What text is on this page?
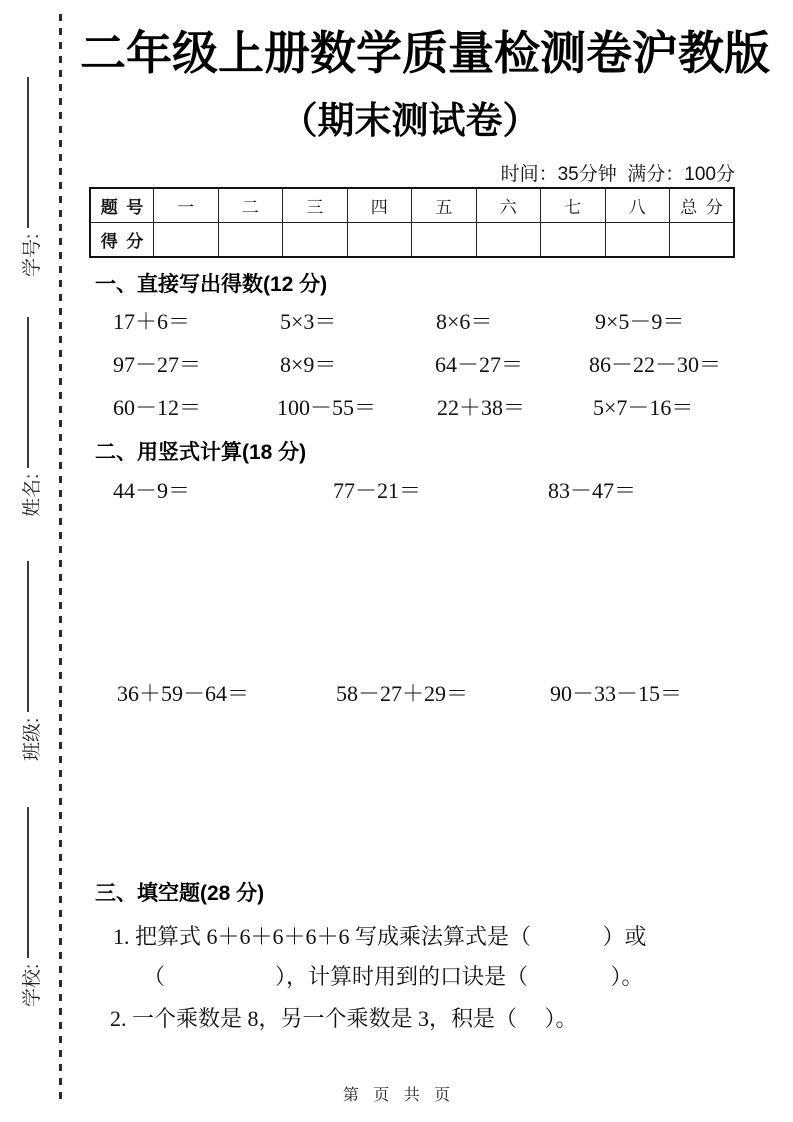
学号:
姓名:
班级:
学校:
二年级上册数学质量检测卷沪教版
（期末测试卷）
时间：35分钟  满分：100分
题  号	一	二	三	四	五	六	七	八	总  分
得  分									
一、直接写出得数(12 分)
17＋6＝	5×3＝	8×6＝	9×5－9＝
97－27＝	8×9＝	64－27＝	86－22－30＝
60－12＝	100－55＝	22＋38＝	5×7－16＝
二、用竖式计算(18 分)
44－9＝	77－21＝	83－47＝
36＋59－64＝	58－27＋29＝	90－33－15＝
三、填空题(28 分)
1. 把算式 6＋6＋6＋6＋6 写成乘法算式是（             ）或
（                    ），计算时用到的口诀是（               ）。
2. 一个乘数是 8，另一个乘数是 3，积是（     ）。
第 页 共 页
